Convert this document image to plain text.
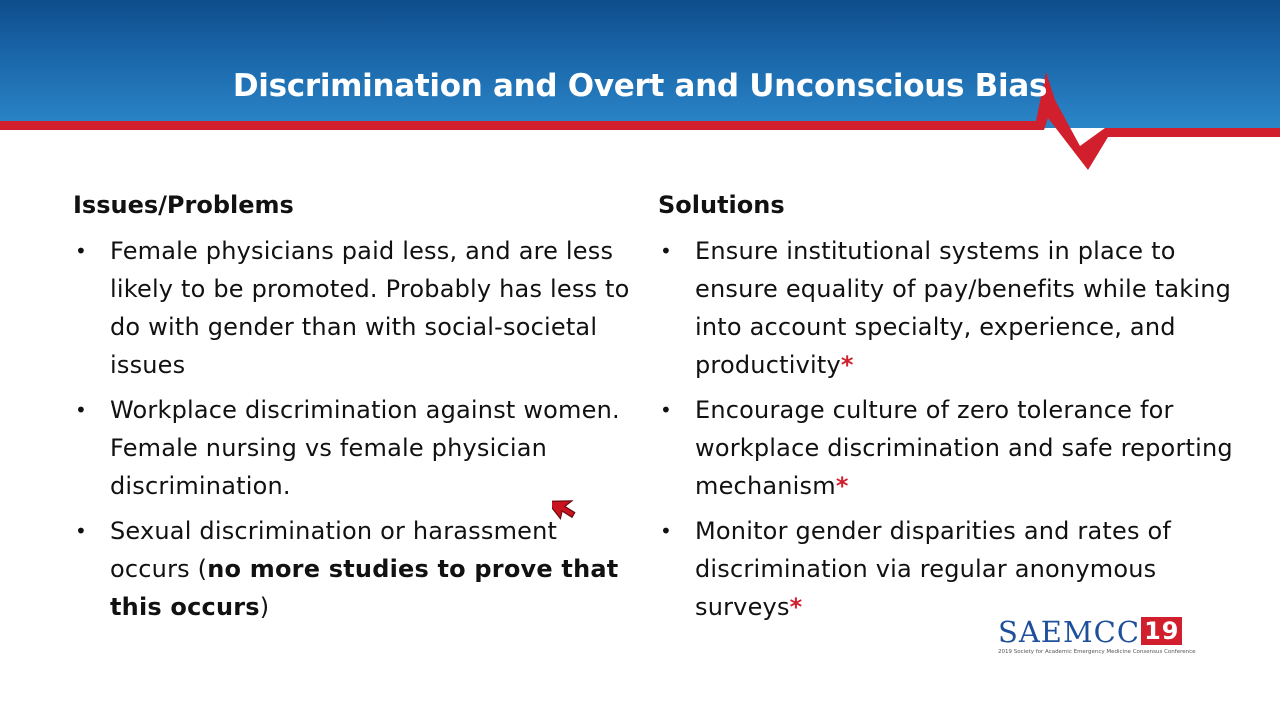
Discrimination and Overt and Unconscious Bias
Issues/Problems
• Female physicians paid less, and are less likely to be promoted. Probably has less to do with gender than with social-societal issues
• Workplace discrimination against women. Female nursing vs female physician discrimination.
• Sexual discrimination or harassment occurs (no more studies to prove that this occurs)
Solutions
• Ensure institutional systems in place to ensure equality of pay/benefits while taking into account specialty, experience, and productivity*
• Encourage culture of zero tolerance for workplace discrimination and safe reporting mechanism*
• Monitor gender disparities and rates of discrimination via regular anonymous surveys*
SAEMCC 19
2019 Society for Academic Emergency Medicine Consensus Conference
